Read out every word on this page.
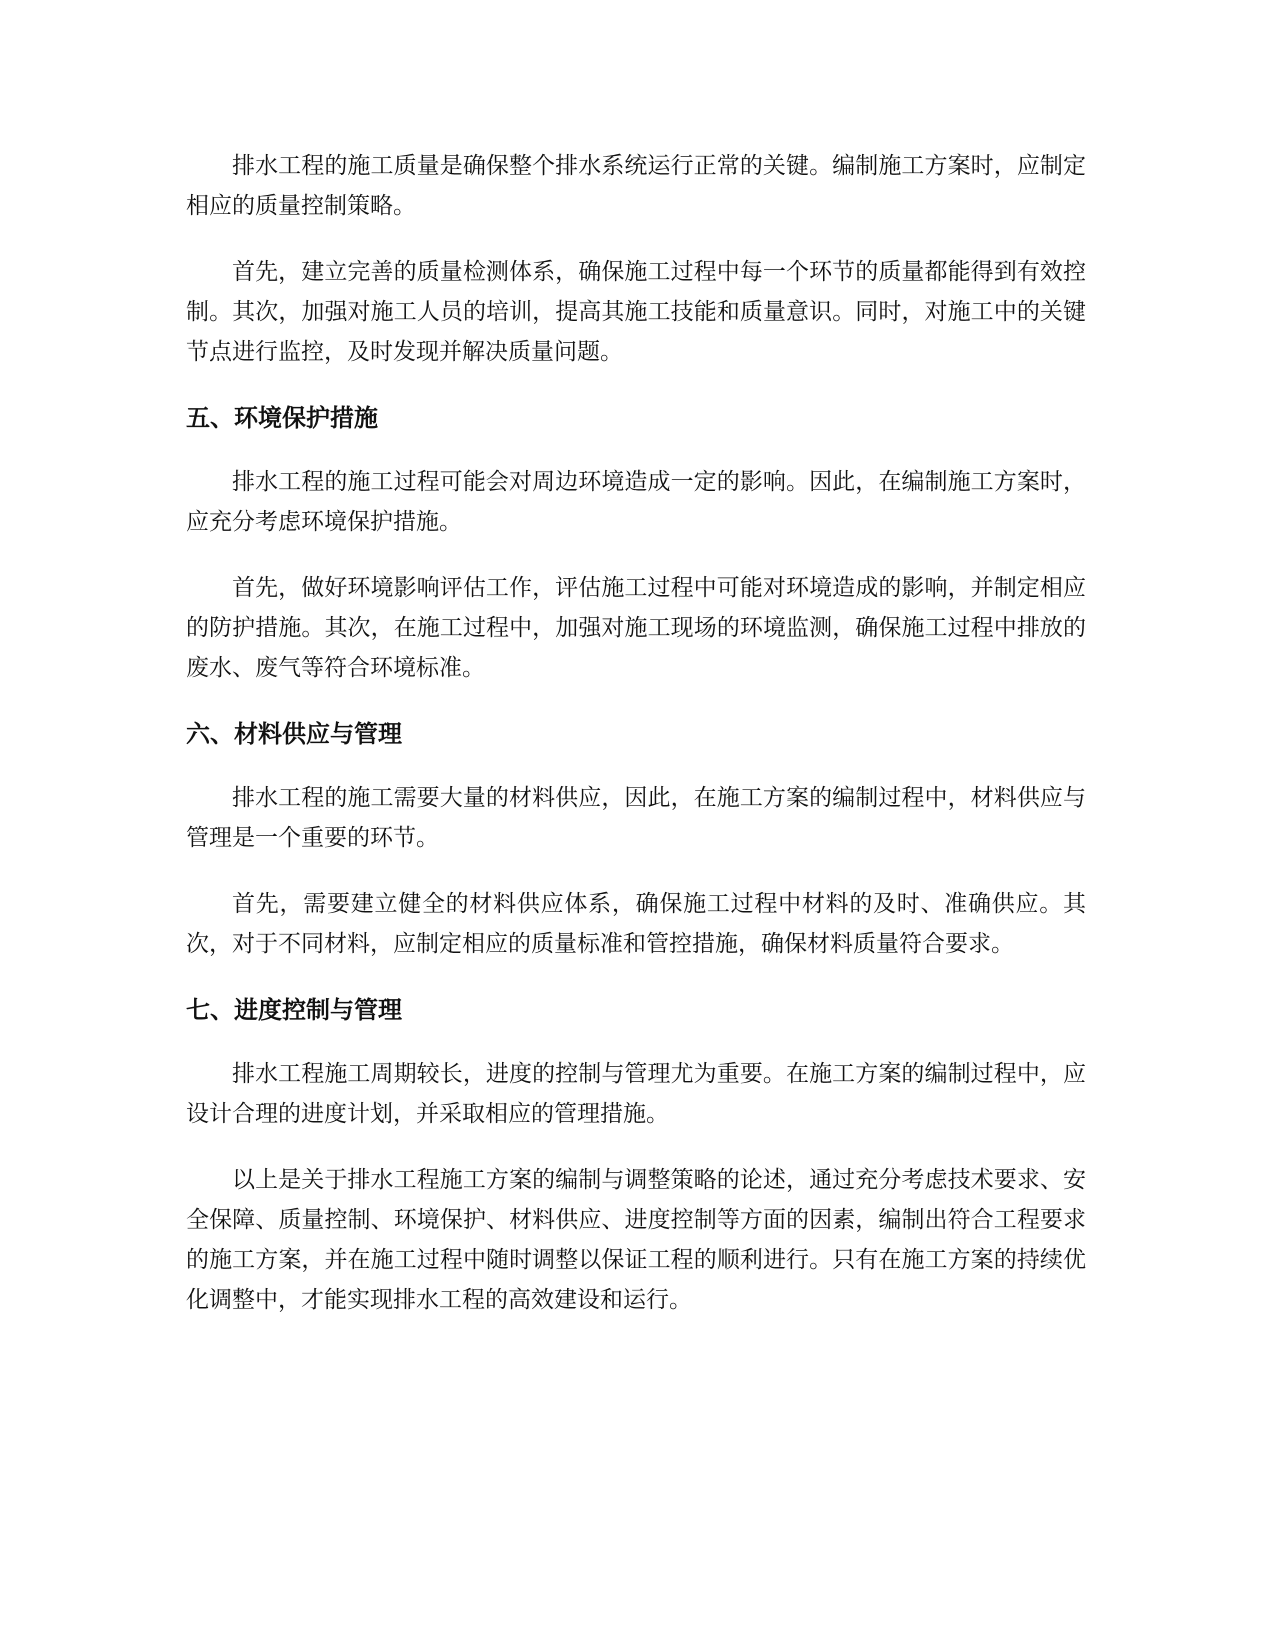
排水工程的施工质量是确保整个排水系统运行正常的关键。编制施工方案时，应制定相应的质量控制策略。

首先，建立完善的质量检测体系，确保施工过程中每一个环节的质量都能得到有效控制。其次，加强对施工人员的培训，提高其施工技能和质量意识。同时，对施工中的关键节点进行监控，及时发现并解决质量问题。

五、环境保护措施

排水工程的施工过程可能会对周边环境造成一定的影响。因此，在编制施工方案时，应充分考虑环境保护措施。

首先，做好环境影响评估工作，评估施工过程中可能对环境造成的影响，并制定相应的防护措施。其次，在施工过程中，加强对施工现场的环境监测，确保施工过程中排放的废水、废气等符合环境标准。

六、材料供应与管理

排水工程的施工需要大量的材料供应，因此，在施工方案的编制过程中，材料供应与管理是一个重要的环节。

首先，需要建立健全的材料供应体系，确保施工过程中材料的及时、准确供应。其次，对于不同材料，应制定相应的质量标准和管控措施，确保材料质量符合要求。

七、进度控制与管理

排水工程施工周期较长，进度的控制与管理尤为重要。在施工方案的编制过程中，应设计合理的进度计划，并采取相应的管理措施。

以上是关于排水工程施工方案的编制与调整策略的论述，通过充分考虑技术要求、安全保障、质量控制、环境保护、材料供应、进度控制等方面的因素，编制出符合工程要求的施工方案，并在施工过程中随时调整以保证工程的顺利进行。只有在施工方案的持续优化调整中，才能实现排水工程的高效建设和运行。
